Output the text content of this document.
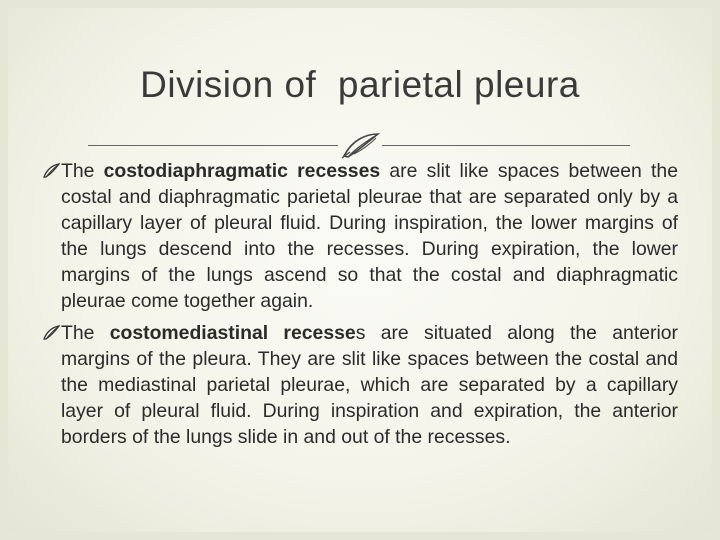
Division of  parietal pleura
The costodiaphragmatic recesses are slit like spaces between the costal and diaphragmatic parietal pleurae that are separated only by a capillary layer of pleural fluid. During inspiration, the lower margins of the lungs descend into the recesses. During expiration, the lower margins of the lungs ascend so that the costal and diaphragmatic pleurae come together again.
The costomediastinal recesses are situated along the anterior margins of the pleura. They are slit like spaces between the costal and the mediastinal parietal pleurae, which are separated by a capillary layer of pleural fluid. During inspiration and expiration, the anterior borders of the lungs slide in and out of the recesses.
